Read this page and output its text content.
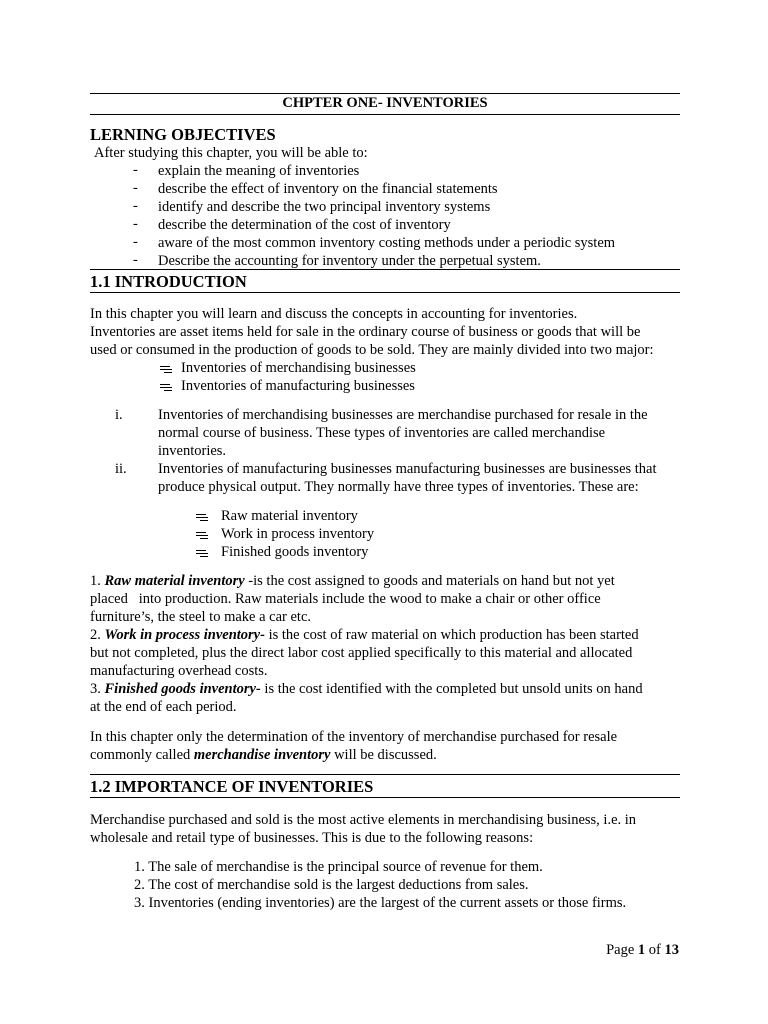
CHPTER ONE- INVENTORIES
LERNING OBJECTIVES
After studying this chapter, you will be able to:
- explain the meaning of inventories
- describe the effect of inventory on the financial statements
- identify and describe the two principal inventory systems
- describe the determination of the cost of inventory
- aware of the most common inventory costing methods under a periodic system
- Describe the accounting for inventory under the perpetual system.
1.1 INTRODUCTION
In this chapter you will learn and discuss the concepts in accounting for inventories.
Inventories are asset items held for sale in the ordinary course of business or goods that will be
used or consumed in the production of goods to be sold. They are mainly divided into two major:
Inventories of merchandising businesses
Inventories of manufacturing businesses
i. Inventories of merchandising businesses are merchandise purchased for resale in the
normal course of business. These types of inventories are called merchandise
inventories.
ii. Inventories of manufacturing businesses manufacturing businesses are businesses that
produce physical output. They normally have three types of inventories. These are:
Raw material inventory
Work in process inventory
Finished goods inventory
1. Raw material inventory -is the cost assigned to goods and materials on hand but not yet
placed   into production. Raw materials include the wood to make a chair or other office
furniture’s, the steel to make a car etc.
2. Work in process inventory- is the cost of raw material on which production has been started
but not completed, plus the direct labor cost applied specifically to this material and allocated
manufacturing overhead costs.
3. Finished goods inventory- is the cost identified with the completed but unsold units on hand
at the end of each period.
In this chapter only the determination of the inventory of merchandise purchased for resale
commonly called merchandise inventory will be discussed.
1.2 IMPORTANCE OF INVENTORIES
Merchandise purchased and sold is the most active elements in merchandising business, i.e. in
wholesale and retail type of businesses. This is due to the following reasons:
1. The sale of merchandise is the principal source of revenue for them.
2. The cost of merchandise sold is the largest deductions from sales.
3. Inventories (ending inventories) are the largest of the current assets or those firms.
Page 1 of 13
